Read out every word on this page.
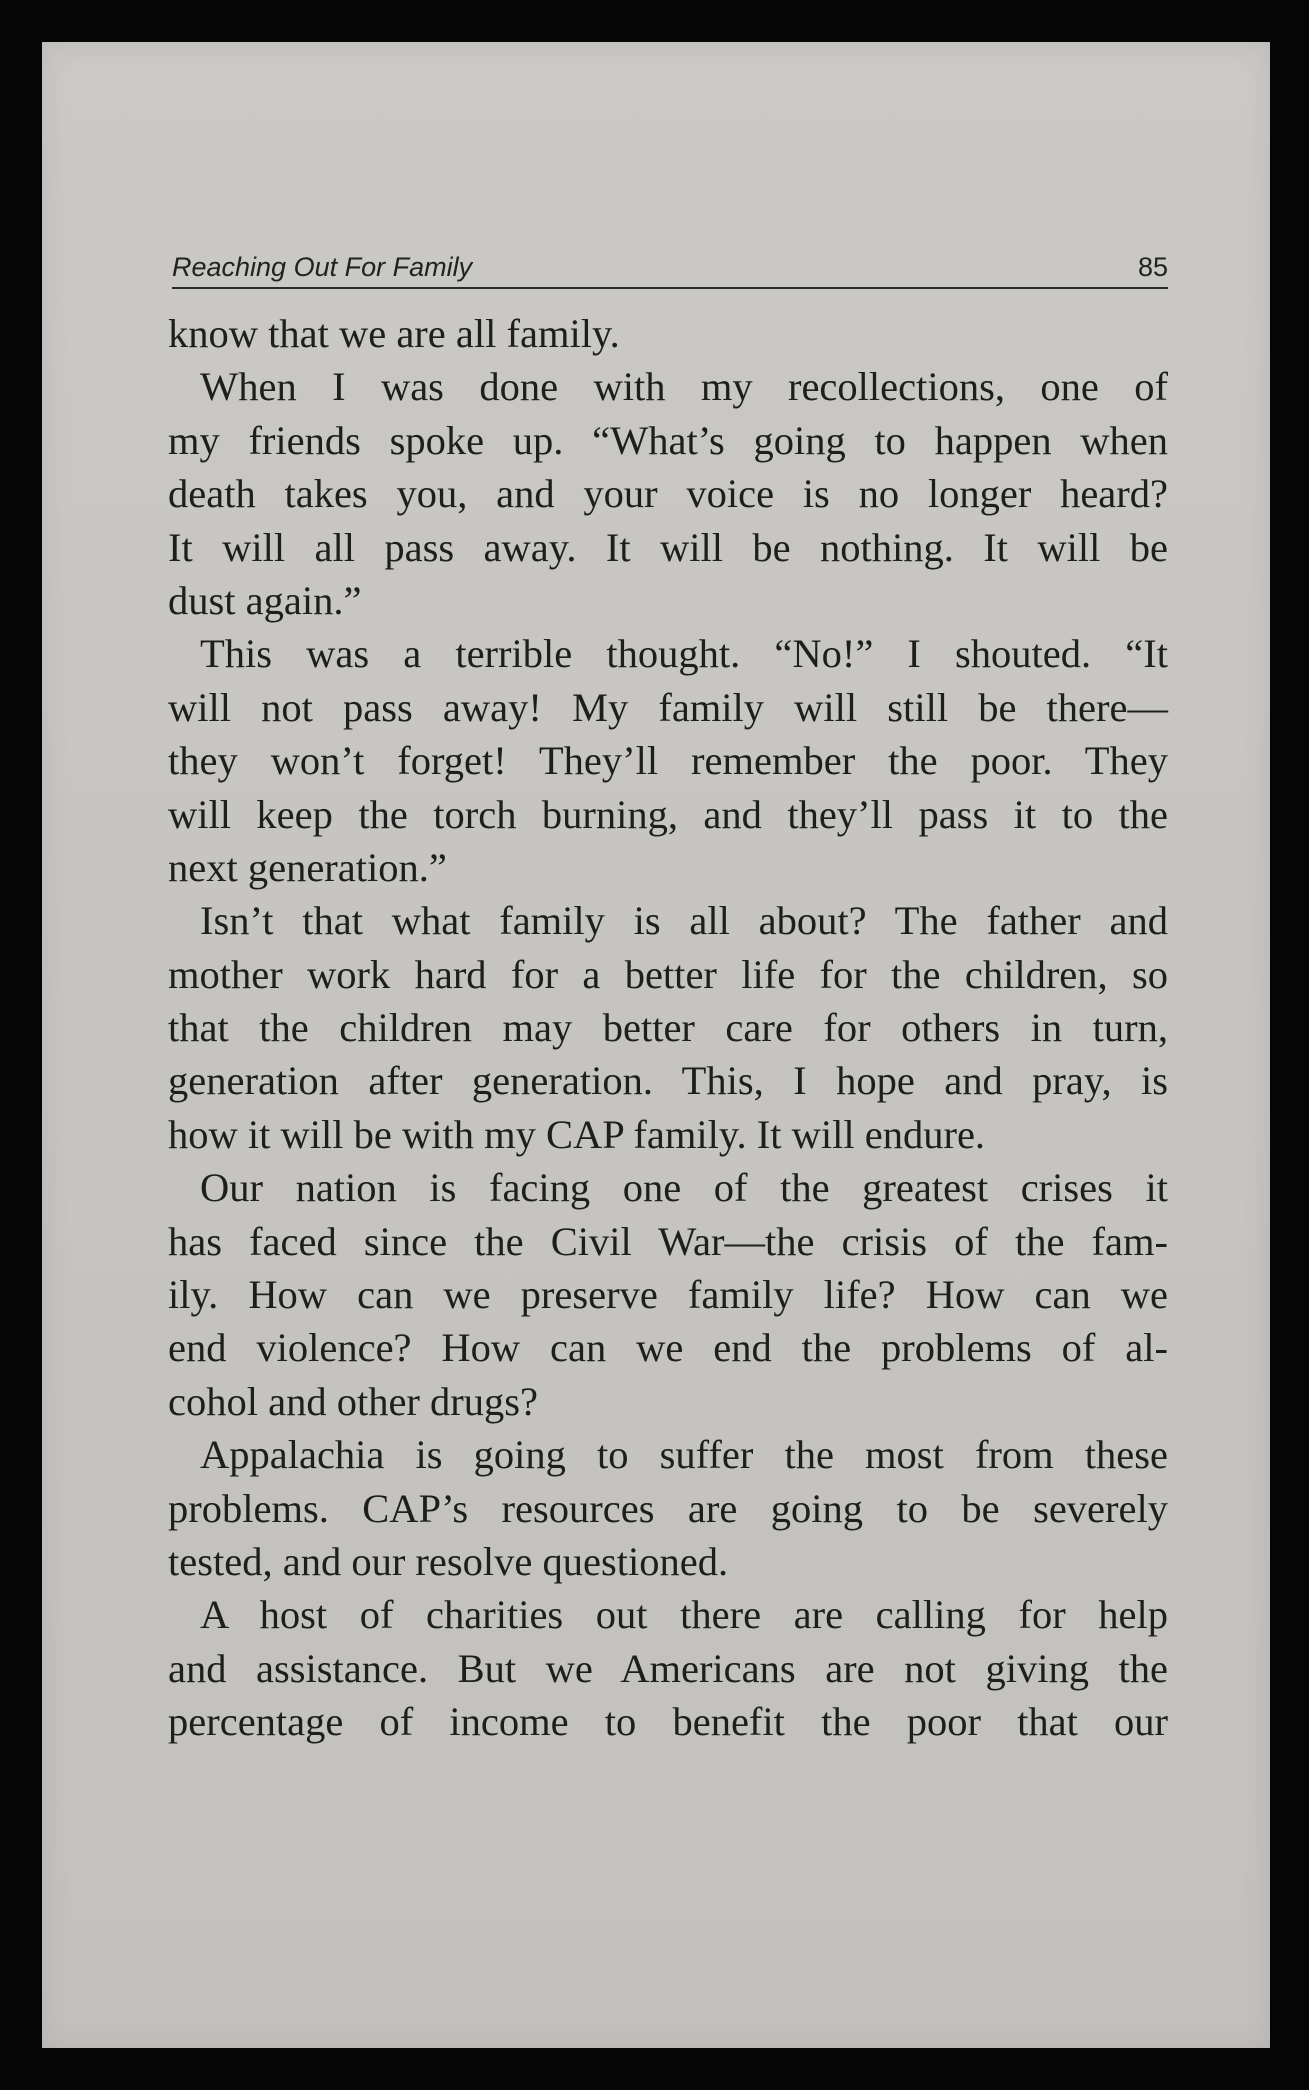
Reaching Out For Family	85
know that we are all family.
When I was done with my recollections, one of
my friends spoke up. “What’s going to happen when
death takes you, and your voice is no longer heard?
It will all pass away. It will be nothing. It will be
dust again.”
This was a terrible thought. “No!” I shouted. “It
will not pass away! My family will still be there—
they won’t forget! They’ll remember the poor. They
will keep the torch burning, and they’ll pass it to the
next generation.”
Isn’t that what family is all about? The father and
mother work hard for a better life for the children, so
that the children may better care for others in turn,
generation after generation. This, I hope and pray, is
how it will be with my CAP family. It will endure.
Our nation is facing one of the greatest crises it
has faced since the Civil War—the crisis of the fam-
ily. How can we preserve family life? How can we
end violence? How can we end the problems of al-
cohol and other drugs?
Appalachia is going to suffer the most from these
problems. CAP’s resources are going to be severely
tested, and our resolve questioned.
A host of charities out there are calling for help
and assistance. But we Americans are not giving the
percentage of income to benefit the poor that our
